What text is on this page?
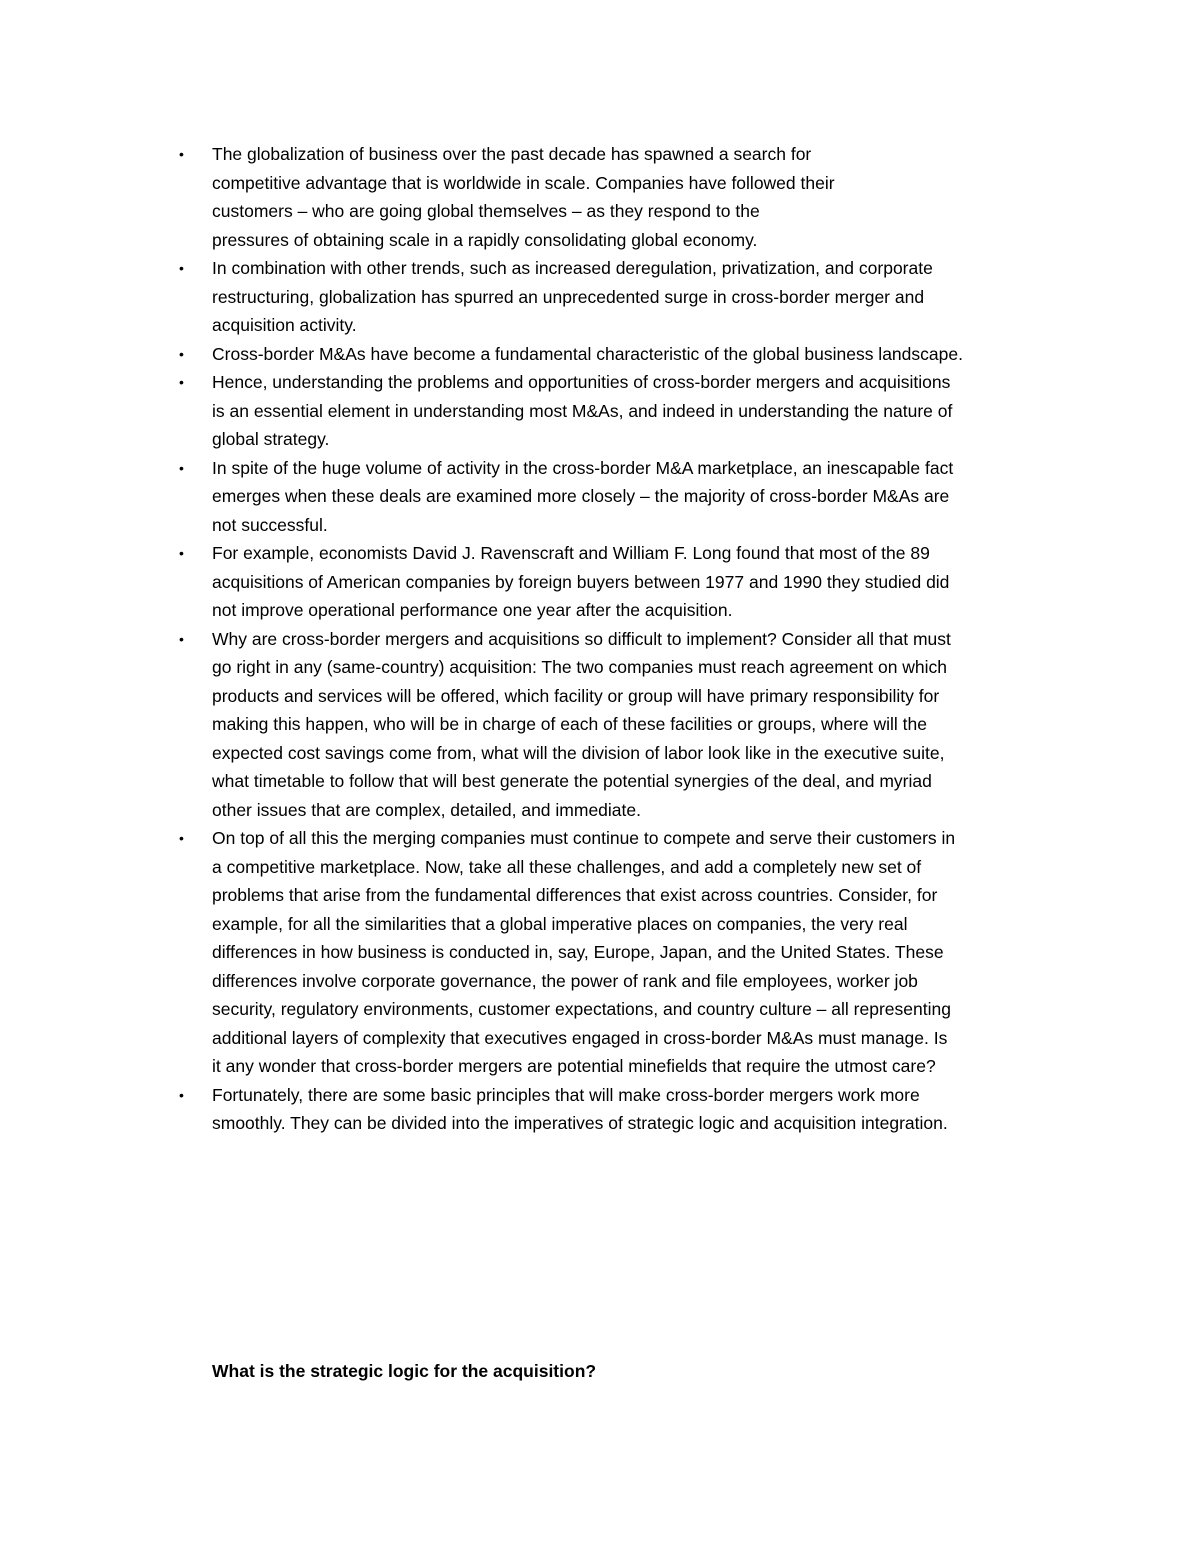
• The globalization of business over the past decade has spawned a search for
competitive advantage that is worldwide in scale. Companies have followed their
customers – who are going global themselves – as they respond to the
pressures of obtaining scale in a rapidly consolidating global economy.
• In combination with other trends, such as increased deregulation, privatization, and corporate
restructuring, globalization has spurred an unprecedented surge in cross-border merger and
acquisition activity.
• Cross-border M&As have become a fundamental characteristic of the global business landscape.
• Hence, understanding the problems and opportunities of cross-border mergers and acquisitions
is an essential element in understanding most M&As, and indeed in understanding the nature of
global strategy.
• In spite of the huge volume of activity in the cross-border M&A marketplace, an inescapable fact
emerges when these deals are examined more closely – the majority of cross-border M&As are
not successful.
• For example, economists David J. Ravenscraft and William F. Long found that most of the 89
acquisitions of American companies by foreign buyers between 1977 and 1990 they studied did
not improve operational performance one year after the acquisition.
• Why are cross-border mergers and acquisitions so difficult to implement? Consider all that must
go right in any (same-country) acquisition: The two companies must reach agreement on which
products and services will be offered, which facility or group will have primary responsibility for
making this happen, who will be in charge of each of these facilities or groups, where will the
expected cost savings come from, what will the division of labor look like in the executive suite,
what timetable to follow that will best generate the potential synergies of the deal, and myriad
other issues that are complex, detailed, and immediate.
• On top of all this the merging companies must continue to compete and serve their customers in
a competitive marketplace. Now, take all these challenges, and add a completely new set of
problems that arise from the fundamental differences that exist across countries. Consider, for
example, for all the similarities that a global imperative places on companies, the very real
differences in how business is conducted in, say, Europe, Japan, and the United States. These
differences involve corporate governance, the power of rank and file employees, worker job
security, regulatory environments, customer expectations, and country culture – all representing
additional layers of complexity that executives engaged in cross-border M&As must manage. Is
it any wonder that cross-border mergers are potential minefields that require the utmost care?
• Fortunately, there are some basic principles that will make cross-border mergers work more
smoothly. They can be divided into the imperatives of strategic logic and acquisition integration.

What is the strategic logic for the acquisition?
